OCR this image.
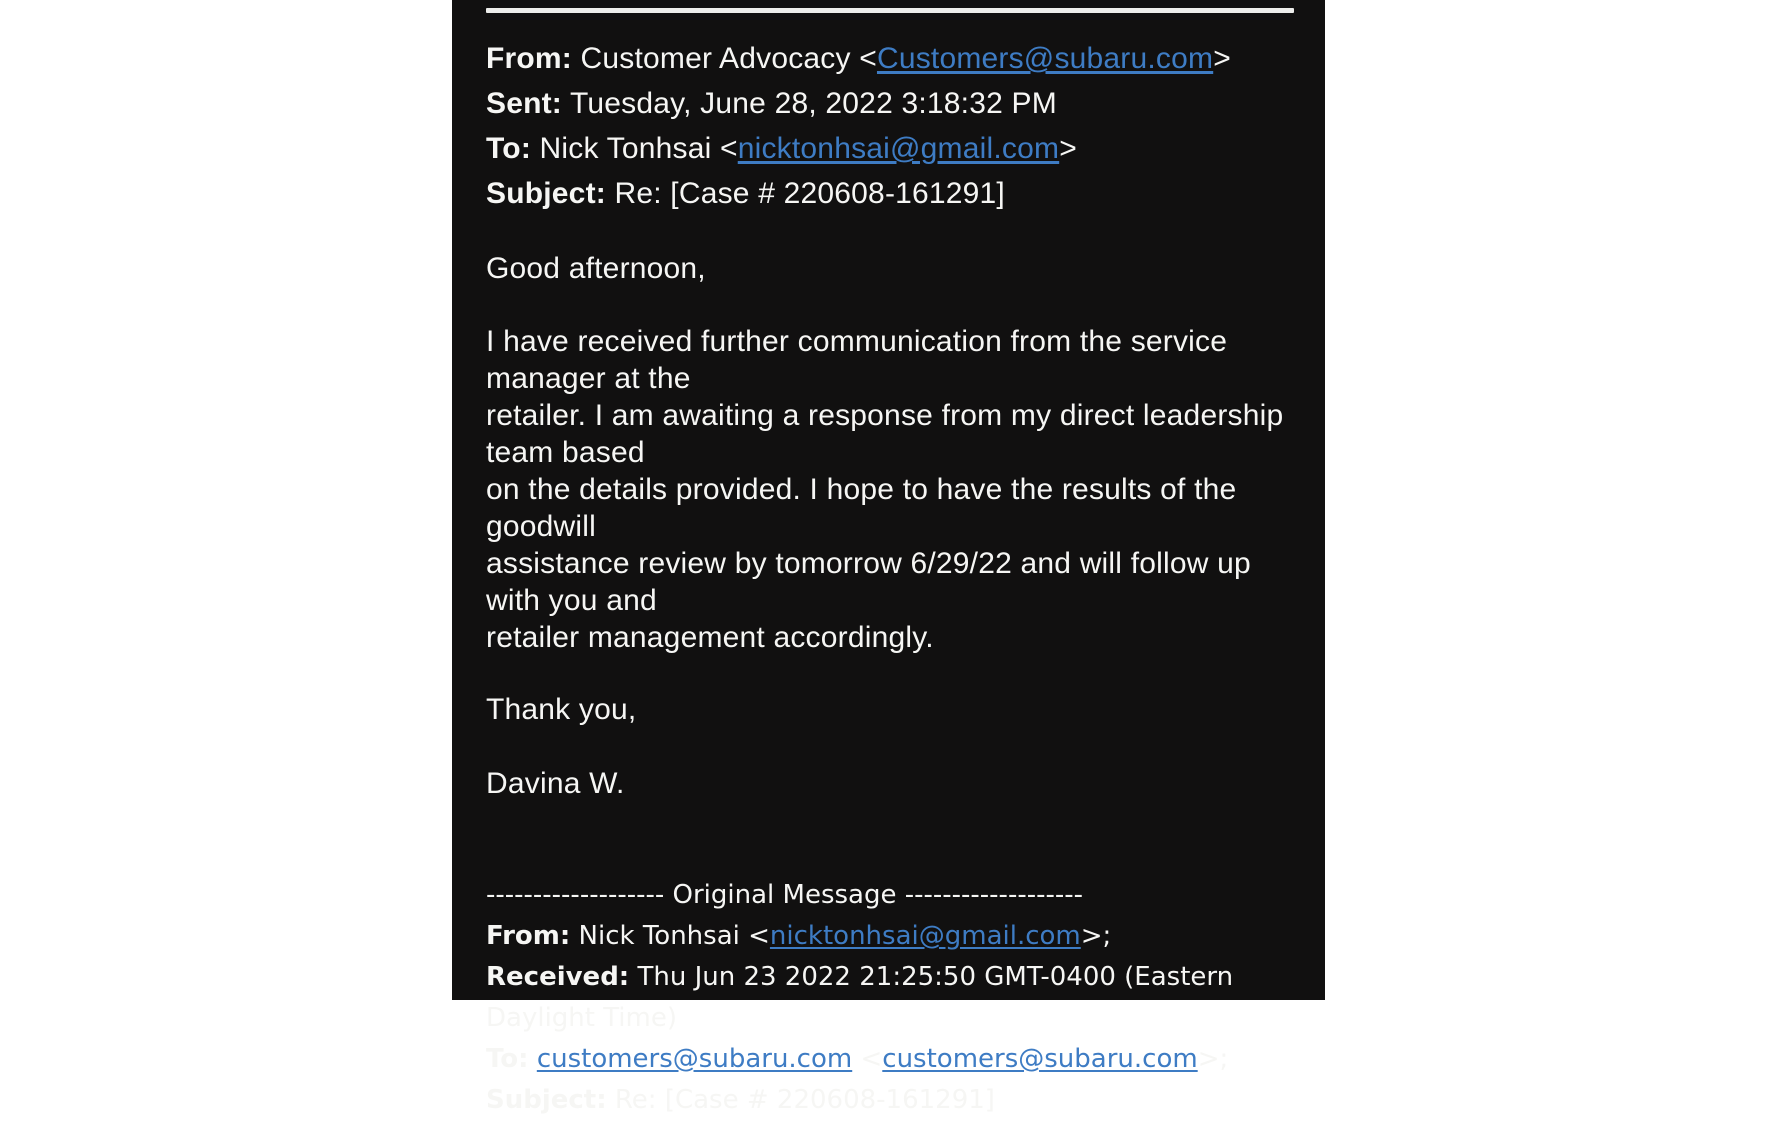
From: Customer Advocacy <Customers@subaru.com>
Sent: Tuesday, June 28, 2022 3:18:32 PM
To: Nick Tonhsai <nicktonhsai@gmail.com>
Subject: Re: [Case # 220608-161291]
Good afternoon,
I have received further communication from the service manager at the
retailer. I am awaiting a response from my direct leadership team based
on the details provided. I hope to have the results of the goodwill
assistance review by tomorrow 6/29/22 and will follow up with you and
retailer management accordingly.
Thank you,
Davina W.
------------------- Original Message -------------------
From: Nick Tonhsai <nicktonhsai@gmail.com>;
Received: Thu Jun 23 2022 21:25:50 GMT-0400 (Eastern
Daylight Time)
To: customers@subaru.com <customers@subaru.com>;
Subject: Re: [Case # 220608-161291]
